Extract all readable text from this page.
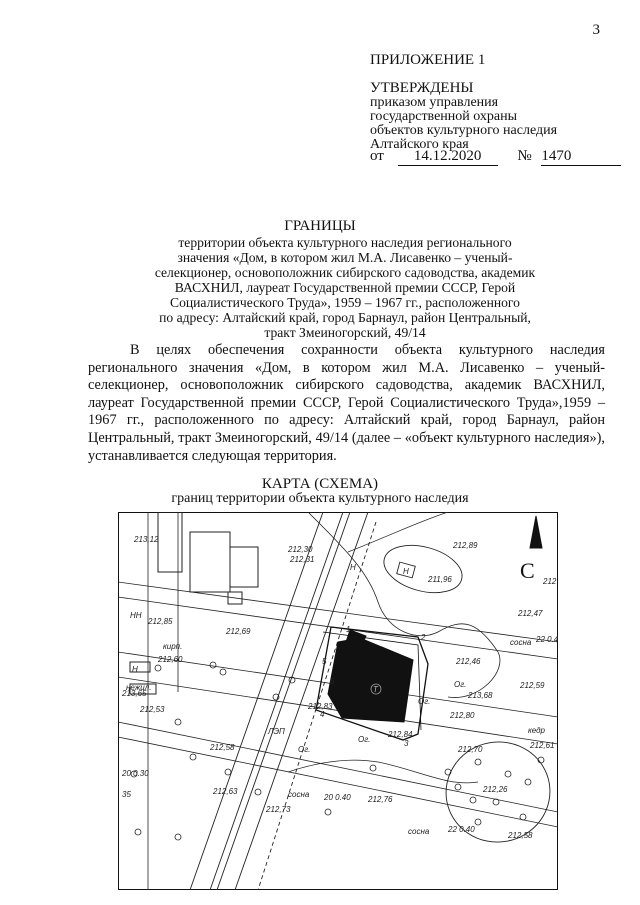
3
ПРИЛОЖЕНИЕ 1
УТВЕРЖДЕНЫ
приказом управления
государственной охраны
объектов культурного наследия
Алтайского края
от 14.12.2020 № 1470
ГРАНИЦЫ
территории объекта культурного наследия регионального
значения «Дом, в котором жил М.А. Лисавенко – ученый-
селекционер, основоположник сибирского садоводства, академик
ВАСХНИЛ, лауреат Государственной премии СССР, Герой
Социалистического Труда», 1959 – 1967 гг., расположенного
по адресу: Алтайский край, город Барнаул, район Центральный,
тракт Змеиногорский, 49/14

В целях обеспечения сохранности объекта культурного наследия регионального значения «Дом, в котором жил М.А. Лисавенко – ученый-селекционер, основоположник сибирского садоводства, академик ВАСХНИЛ, лауреат Государственной премии СССР, Герой Социалистического Труда»,1959 – 1967 гг., расположенного по адресу: Алтайский край, город Барнаул, район Центральный, тракт Змеиногорский, 49/14 (далее – «объект культурного наследия»), устанавливается следующая территория.

КАРТА (СХЕМА)
границ территории объекта культурного наследия
С
Н
211,96
212,89
212
212,47
сосна 22 0.4
212,46
Ог.	212,59
212,80
кедр
212,61
212,70
212,26
сосна 22 0.40
212,58
212,76
сосна 20 0.40
212,63
212,73
20 0.30
35
212,84
212,83
Ог.
Ог.
Ог.
212,53
212,60
212,69
212,85
212,58
213,65
213,12
212,30
212,31
НН
кирп.
нежил.
ЛЭП
213,68
1
2
3
4
5
6
Н
Т
Н
